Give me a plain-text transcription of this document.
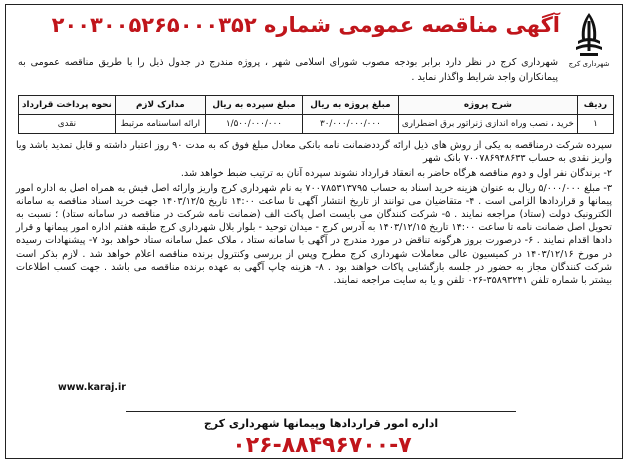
شهرداری کرج
آگهی مناقصه عمومی شماره ۲۰۰۳۰۰۵۲۶۵۰۰۰۳۵۲
شهرداری کرج در نظر دارد برابر بودجه مصوب شورای اسلامی شهر ، پروژه مندرج در جدول ذیل را با طریق مناقصه عمومی به پیمانکاران واجد شرایط واگذار نماید .
ردیف	شرح پروژه	مبلغ پروژه به ریال	مبلغ سپرده به ریال	مدارک لازم	نحوه پرداخت قرارداد
۱	خرید ، نصب وراه اندازی ژنراتور برق اضطراری	۳۰/۰۰۰/۰۰۰/۰۰۰	۱/۵۰۰/۰۰۰/۰۰۰	ارائه اساسنامه مرتبط	نقدی

سپرده شرکت درمناقصه به یکی از روش های ذیل ارائه گرددضمانت نامه بانکی معادل مبلغ فوق که به مدت ۹۰ روز اعتبار داشته و قابل تمدید باشد ویا واریز نقدی به حساب ۷۰۰۷۸۶۹۴۸۶۳۳ بانک شهر

۲- برندگان نفر اول و دوم مناقصه هرگاه حاضر به انعقاد قرارداد نشوند سپرده آنان به ترتیب ضبط خواهد شد.

۳- مبلغ ۵/۰۰۰/۰۰۰ ریال به عنوان هزینه خرید اسناد به حساب ۷۰۰۷۸۵۳۱۳۷۹۵ به نام شهرداری کرج واریز وارائه اصل فیش به همراه اصل به اداره امور پیمانها و قراردادها الزامی است . ۴- متقاضیان می توانند از تاریخ انتشار آگهی تا ساعت ۱۴:۰۰ تاریخ ۱۴۰۳/۱۲/۵ جهت خرید اسناد مناقصه به سامانه الکترونیک دولت (ستاد) مراجعه نمایند . ۵- شرکت کنندگان می بایست اصل پاکت الف (ضمانت نامه شرکت در مناقصه در سامانه ستاد) ؛ نسبت به تحویل اصل ضمانت نامه تا ساعت ۱۴:۰۰ تاریخ ۱۴۰۳/۱۲/۱۵ به آدرس کرج - میدان توحید - بلوار بلال شهرداری کرج طبقه هفتم اداره امور پیمانها و قرار دادها اقدام نمایند . ۶- درصورت بروز هرگونه تناقض در مورد مندرج در آگهی با سامانه ستاد ، ملاک عمل سامانه ستاد خواهد بود ۷- پیشنهادات رسیده در مورخ ۱۴۰۳/۱۲/۱۶ در کمیسیون عالی معاملات شهرداری کرج مطرح وپس از بررسی وکنترول برنده مناقصه اعلام خواهد شد . لازم بذکر است شرکت کنندگان مجاز به حضور در جلسه بازگشایی پاکات خواهند بود . ۸- هزینه چاپ آگهی به عهده برنده مناقصه می باشد . جهت کسب اطلاعات بیشتر با شماره تلفن ۳۵۸۹۳۲۴۱-۰۲۶ تلفن و یا به سایت مراجعه نمایند.

www.karaj.ir
اداره امور قراردادها وپیمانها شهرداری کرج
۰۲۶-۸۸۴۹۶۷۰۰-۷
